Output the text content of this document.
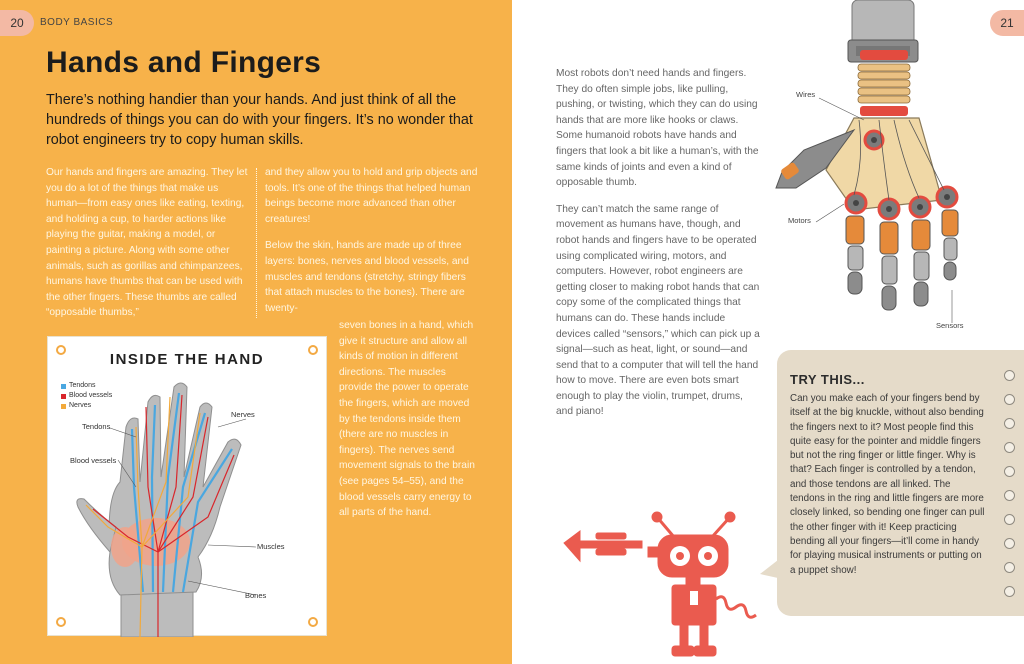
20	BODY BASICS
Hands and Fingers

There’s nothing handier than your hands. And just think of all the hundreds of things you can do with your fingers. It’s no wonder that robot engineers try to copy human skills.

Our hands and fingers are amazing. They let you do a lot of the things that make us human—from easy ones like eating, texting, and holding a cup, to harder actions like playing the guitar, making a model, or painting a picture. Along with some other animals, such as gorillas and chimpanzees, humans have thumbs that can be used with the other fingers. These thumbs are called “opposable thumbs,”

and they allow you to hold and grip objects and tools. It’s one of the things that helped human beings become more advanced than other creatures!

Below the skin, hands are made up of three layers: bones, nerves and blood vessels, and muscles and tendons (stretchy, stringy fibers that attach muscles to the bones). There are twenty-

seven bones in a hand, which give it structure and allow all kinds of motion in different directions. The muscles provide the power to operate the fingers, which are moved by the tendons inside them (there are no muscles in fingers). The nerves send movement signals to the brain (see pages 54–55), and the blood vessels carry energy to all parts of the hand.

INSIDE THE HAND
Tendons
Blood vessels
Nerves
Tendons
Blood vessels
Nerves
Muscles
Bones
21

Most robots don’t need hands and fingers. They do often simple jobs, like pulling, pushing, or twisting, which they can do using hands that are more like hooks or claws. Some humanoid robots have hands and fingers that look a bit like a human’s, with the same kinds of joints and even a kind of opposable thumb.

They can’t match the same range of movement as humans have, though, and robot hands and fingers have to be operated using complicated wiring, motors, and computers. However, robot engineers are getting closer to making robot hands that can copy some of the complicated things that humans can do. These hands include devices called “sensors,” which can pick up a signal—such as heat, light, or sound—and send that to a computer that will tell the hand how to move. There are even bots smart enough to play the violin, trumpet, drums, and piano!

Wires
Motors
Sensors
TRY THIS...

Can you make each of your fingers bend by itself at the big knuckle, without also bending the fingers next to it? Most people find this quite easy for the pointer and middle fingers but not the ring finger or little finger. Why is that? Each finger is controlled by a tendon, and those tendons are all linked. The tendons in the ring and little fingers are more closely linked, so bending one finger can pull the other finger with it! Keep practicing bending all your fingers—it’ll come in handy for playing musical instruments or putting on a puppet show!
